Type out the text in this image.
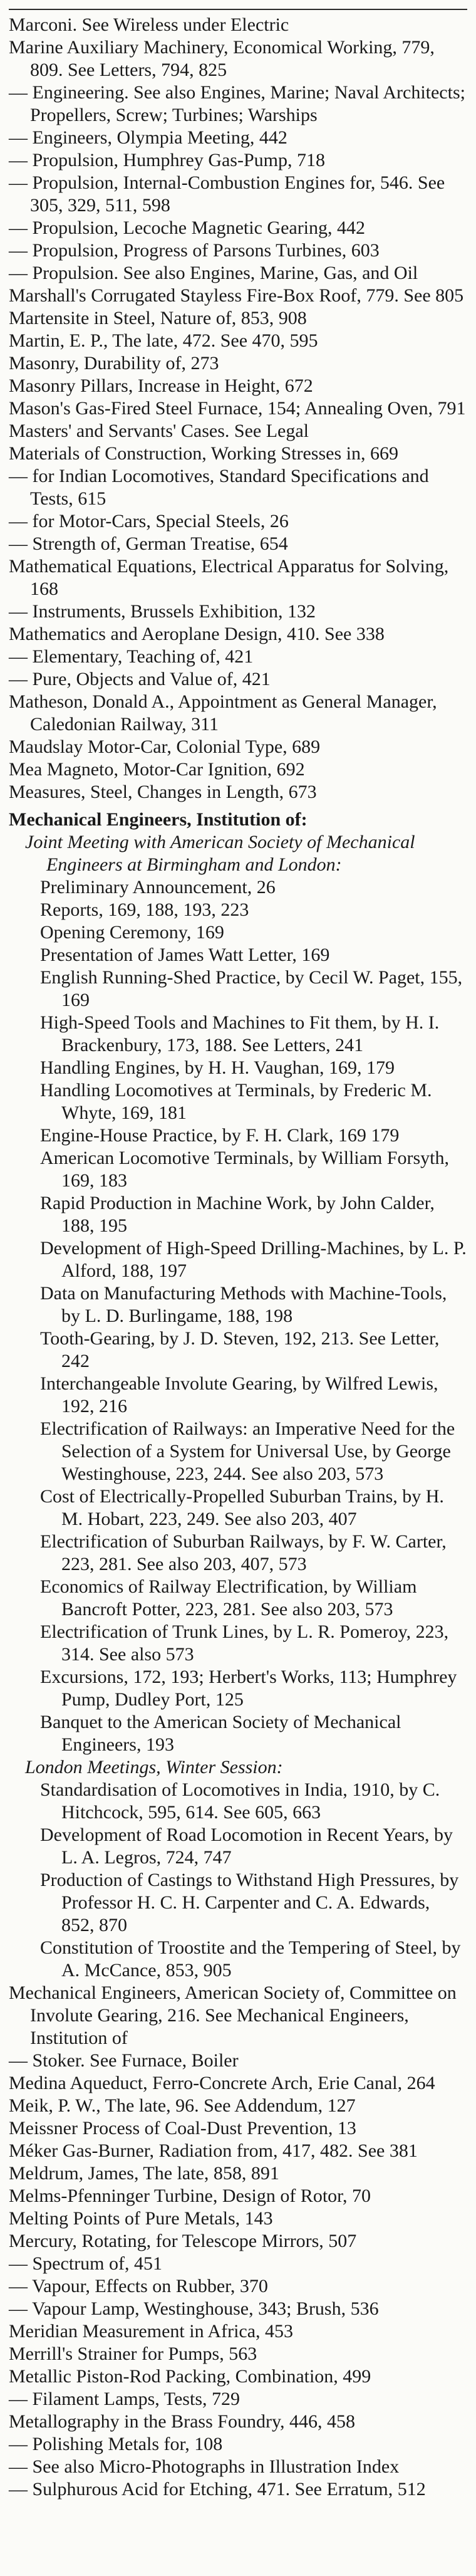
Marconi. See Wireless under Electric

Marine Auxiliary Machinery, Economical Working, 779, 809. See Letters, 794, 825

— Engineering. See also Engines, Marine; Naval Architects; Propellers, Screw; Turbines; Warships

— Engineers, Olympia Meeting, 442

— Propulsion, Humphrey Gas-Pump, 718

— Propulsion, Internal-Combustion Engines for, 546. See 305, 329, 511, 598

— Propulsion, Lecoche Magnetic Gearing, 442

— Propulsion, Progress of Parsons Turbines, 603

— Propulsion. See also Engines, Marine, Gas, and Oil

Marshall's Corrugated Stayless Fire-Box Roof, 779. See 805

Martensite in Steel, Nature of, 853, 908

Martin, E. P., The late, 472. See 470, 595

Masonry, Durability of, 273

Masonry Pillars, Increase in Height, 672

Mason's Gas-Fired Steel Furnace, 154; Annealing Oven, 791

Masters' and Servants' Cases. See Legal

Materials of Construction, Working Stresses in, 669

— for Indian Locomotives, Standard Specifications and Tests, 615

— for Motor-Cars, Special Steels, 26

— Strength of, German Treatise, 654

Mathematical Equations, Electrical Apparatus for Solving, 168

— Instruments, Brussels Exhibition, 132

Mathematics and Aeroplane Design, 410. See 338

— Elementary, Teaching of, 421

— Pure, Objects and Value of, 421

Matheson, Donald A., Appointment as General Manager, Caledonian Railway, 311

Maudslay Motor-Car, Colonial Type, 689

Mea Magneto, Motor-Car Ignition, 692

Measures, Steel, Changes in Length, 673

Mechanical Engineers, Institution of:

Joint Meeting with American Society of Mechanical Engineers at Birmingham and London:

Preliminary Announcement, 26

Reports, 169, 188, 193, 223

Opening Ceremony, 169

Presentation of James Watt Letter, 169

English Running-Shed Practice, by Cecil W. Paget, 155, 169

High-Speed Tools and Machines to Fit them, by H. I. Brackenbury, 173, 188. See Letters, 241

Handling Engines, by H. H. Vaughan, 169, 179

Handling Locomotives at Terminals, by Frederic M. Whyte, 169, 181

Engine-House Practice, by F. H. Clark, 169 179

American Locomotive Terminals, by William Forsyth, 169, 183

Rapid Production in Machine Work, by John Calder, 188, 195

Development of High-Speed Drilling-Machines, by L. P. Alford, 188, 197

Data on Manufacturing Methods with Machine-Tools, by L. D. Burlingame, 188, 198

Tooth-Gearing, by J. D. Steven, 192, 213. See Letter, 242

Interchangeable Involute Gearing, by Wilfred Lewis, 192, 216

Electrification of Railways: an Imperative Need for the Selection of a System for Universal Use, by George Westinghouse, 223, 244. See also 203, 573

Cost of Electrically-Propelled Suburban Trains, by H. M. Hobart, 223, 249. See also 203, 407

Electrification of Suburban Railways, by F. W. Carter, 223, 281. See also 203, 407, 573

Economics of Railway Electrification, by William Bancroft Potter, 223, 281. See also 203, 573

Electrification of Trunk Lines, by L. R. Pomeroy, 223, 314. See also 573

Excursions, 172, 193; Herbert's Works, 113; Humphrey Pump, Dudley Port, 125

Banquet to the American Society of Mechanical Engineers, 193

London Meetings, Winter Session:

Standardisation of Locomotives in India, 1910, by C. Hitchcock, 595, 614. See 605, 663

Development of Road Locomotion in Recent Years, by L. A. Legros, 724, 747

Production of Castings to Withstand High Pressures, by Professor H. C. H. Carpenter and C. A. Edwards, 852, 870

Constitution of Troostite and the Tempering of Steel, by A. McCance, 853, 905

Mechanical Engineers, American Society of, Committee on Involute Gearing, 216. See Mechanical Engineers, Institution of

— Stoker. See Furnace, Boiler

Medina Aqueduct, Ferro-Concrete Arch, Erie Canal, 264

Meik, P. W., The late, 96. See Addendum, 127

Meissner Process of Coal-Dust Prevention, 13

Méker Gas-Burner, Radiation from, 417, 482. See 381

Meldrum, James, The late, 858, 891

Melms-Pfenninger Turbine, Design of Rotor, 70

Melting Points of Pure Metals, 143

Mercury, Rotating, for Telescope Mirrors, 507

— Spectrum of, 451

— Vapour, Effects on Rubber, 370

— Vapour Lamp, Westinghouse, 343; Brush, 536

Meridian Measurement in Africa, 453

Merrill's Strainer for Pumps, 563

Metallic Piston-Rod Packing, Combination, 499

— Filament Lamps, Tests, 729

Metallography in the Brass Foundry, 446, 458

— Polishing Metals for, 108

— See also Micro-Photographs in Illustration Index

— Sulphurous Acid for Etching, 471. See Erratum, 512
